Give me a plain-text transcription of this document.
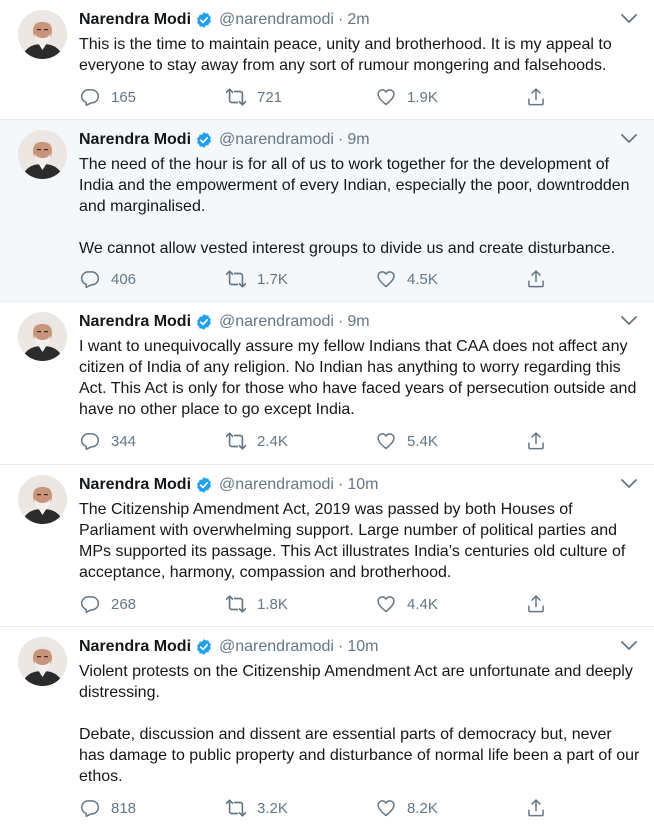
Narendra Modi @narendramodi · 2m
This is the time to maintain peace, unity and brotherhood. It is my appeal to everyone to stay away from any sort of rumour mongering and falsehoods.
165	721	1.9K
Narendra Modi @narendramodi · 9m
The need of the hour is for all of us to work together for the development of India and the empowerment of every Indian, especially the poor, downtrodden and marginalised.

We cannot allow vested interest groups to divide us and create disturbance.
406	1.7K	4.5K
Narendra Modi @narendramodi · 9m
I want to unequivocally assure my fellow Indians that CAA does not affect any citizen of India of any religion. No Indian has anything to worry regarding this Act. This Act is only for those who have faced years of persecution outside and have no other place to go except India.
344	2.4K	5.4K
Narendra Modi @narendramodi · 10m
The Citizenship Amendment Act, 2019 was passed by both Houses of Parliament with overwhelming support. Large number of political parties and MPs supported its passage. This Act illustrates India’s centuries old culture of acceptance, harmony, compassion and brotherhood.
268	1.8K	4.4K
Narendra Modi @narendramodi · 10m
Violent protests on the Citizenship Amendment Act are unfortunate and deeply distressing.

Debate, discussion and dissent are essential parts of democracy but, never has damage to public property and disturbance of normal life been a part of our ethos.
818	3.2K	8.2K
